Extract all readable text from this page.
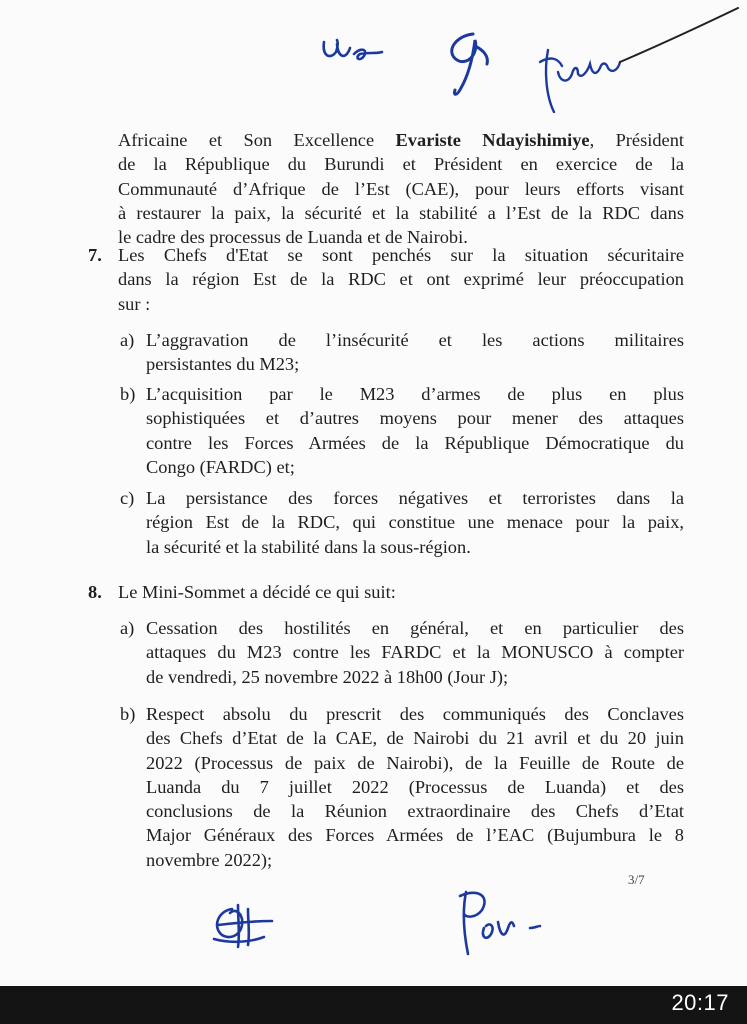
Africaine et Son Excellence Evariste Ndayishimiye, Président
de la République du Burundi et Président en exercice de la
Communauté d’Afrique de l’Est (CAE), pour leurs efforts visant
à restaurer la paix, la sécurité et la stabilité a l’Est de la RDC dans
le cadre des processus de Luanda et de Nairobi.
7. Les Chefs d'Etat se sont penchés sur la situation sécuritaire
dans la région Est de la RDC et ont exprimé leur préoccupation
sur :
a) L’aggravation de l’insécurité et les actions militaires
persistantes du M23;
b) L’acquisition par le M23 d’armes de plus en plus
sophistiquées et d’autres moyens pour mener des attaques
contre les Forces Armées de la République Démocratique du
Congo (FARDC) et;
c) La persistance des forces négatives et terroristes dans la
région Est de la RDC, qui constitue une menace pour la paix,
la sécurité et la stabilité dans la sous-région.
8. Le Mini-Sommet a décidé ce qui suit:
a) Cessation des hostilités en général, et en particulier des
attaques du M23 contre les FARDC et la MONUSCO à compter
de vendredi, 25 novembre 2022 à 18h00 (Jour J);
b) Respect absolu du prescrit des communiqués des Conclaves
des Chefs d’Etat de la CAE, de Nairobi du 21 avril et du 20 juin
2022 (Processus de paix de Nairobi), de la Feuille de Route de
Luanda du 7 juillet 2022 (Processus de Luanda) et des
conclusions de la Réunion extraordinaire des Chefs d’Etat
Major Généraux des Forces Armées de l’EAC (Bujumbura le 8
novembre 2022);
3/7
20:17
